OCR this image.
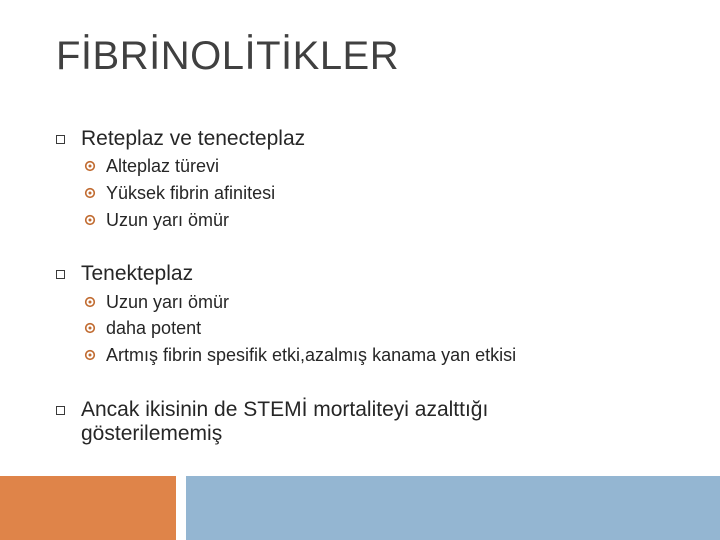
FİBRİNOLİTİKLER
Reteplaz ve tenecteplaz
Alteplaz türevi
Yüksek fibrin afinitesi
Uzun yarı ömür
Tenekteplaz
Uzun yarı ömür
daha potent
Artmış fibrin spesifik etki,azalmış kanama yan etkisi
Ancak ikisinin de STEMİ mortaliteyi azalttığı
gösterilememiş
